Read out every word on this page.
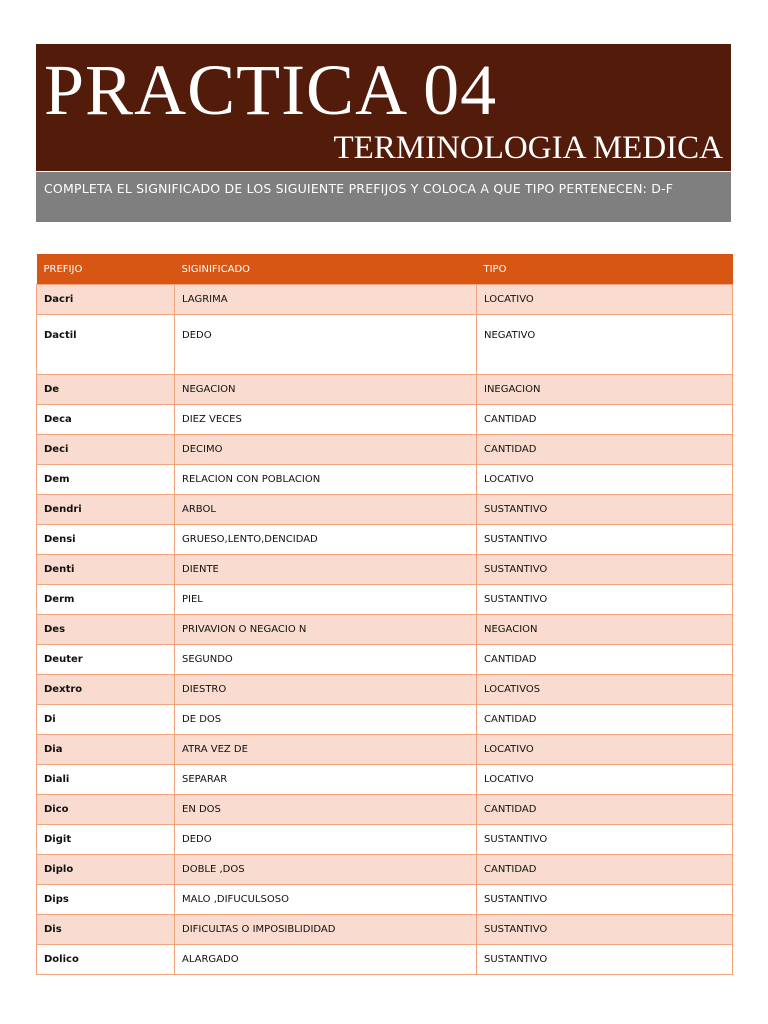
PRACTICA 04
TERMINOLOGIA MEDICA
COMPLETA EL SIGNIFICADO DE LOS SIGUIENTE PREFIJOS Y COLOCA A QUE TIPO PERTENECEN: D-F
PREFIJO	SIGINIFICADO	TIPO
Dacri	LAGRIMA	LOCATIVO
Dactil	DEDO	NEGATIVO
De	NEGACION	INEGACION
Deca	DIEZ VECES	CANTIDAD
Deci	DECIMO	CANTIDAD
Dem	RELACION CON POBLACION	LOCATIVO
Dendri	ARBOL	SUSTANTIVO
Densi	GRUESO,LENTO,DENCIDAD	SUSTANTIVO
Denti	DIENTE	SUSTANTIVO
Derm	PIEL	SUSTANTIVO
Des	PRIVAVION O NEGACIO N	NEGACION
Deuter	SEGUNDO	CANTIDAD
Dextro	DIESTRO	LOCATIVOS
Di	DE DOS	CANTIDAD
Dia	ATRA VEZ DE	LOCATIVO
Diali	SEPARAR	LOCATIVO
Dico	EN DOS	CANTIDAD
Digit	DEDO	SUSTANTIVO
Diplo	DOBLE ,DOS	CANTIDAD
Dips	MALO ,DIFUCULSOSO	SUSTANTIVO
Dis	DIFICULTAS O IMPOSIBLIDIDAD	SUSTANTIVO
Dolico	ALARGADO	SUSTANTIVO
